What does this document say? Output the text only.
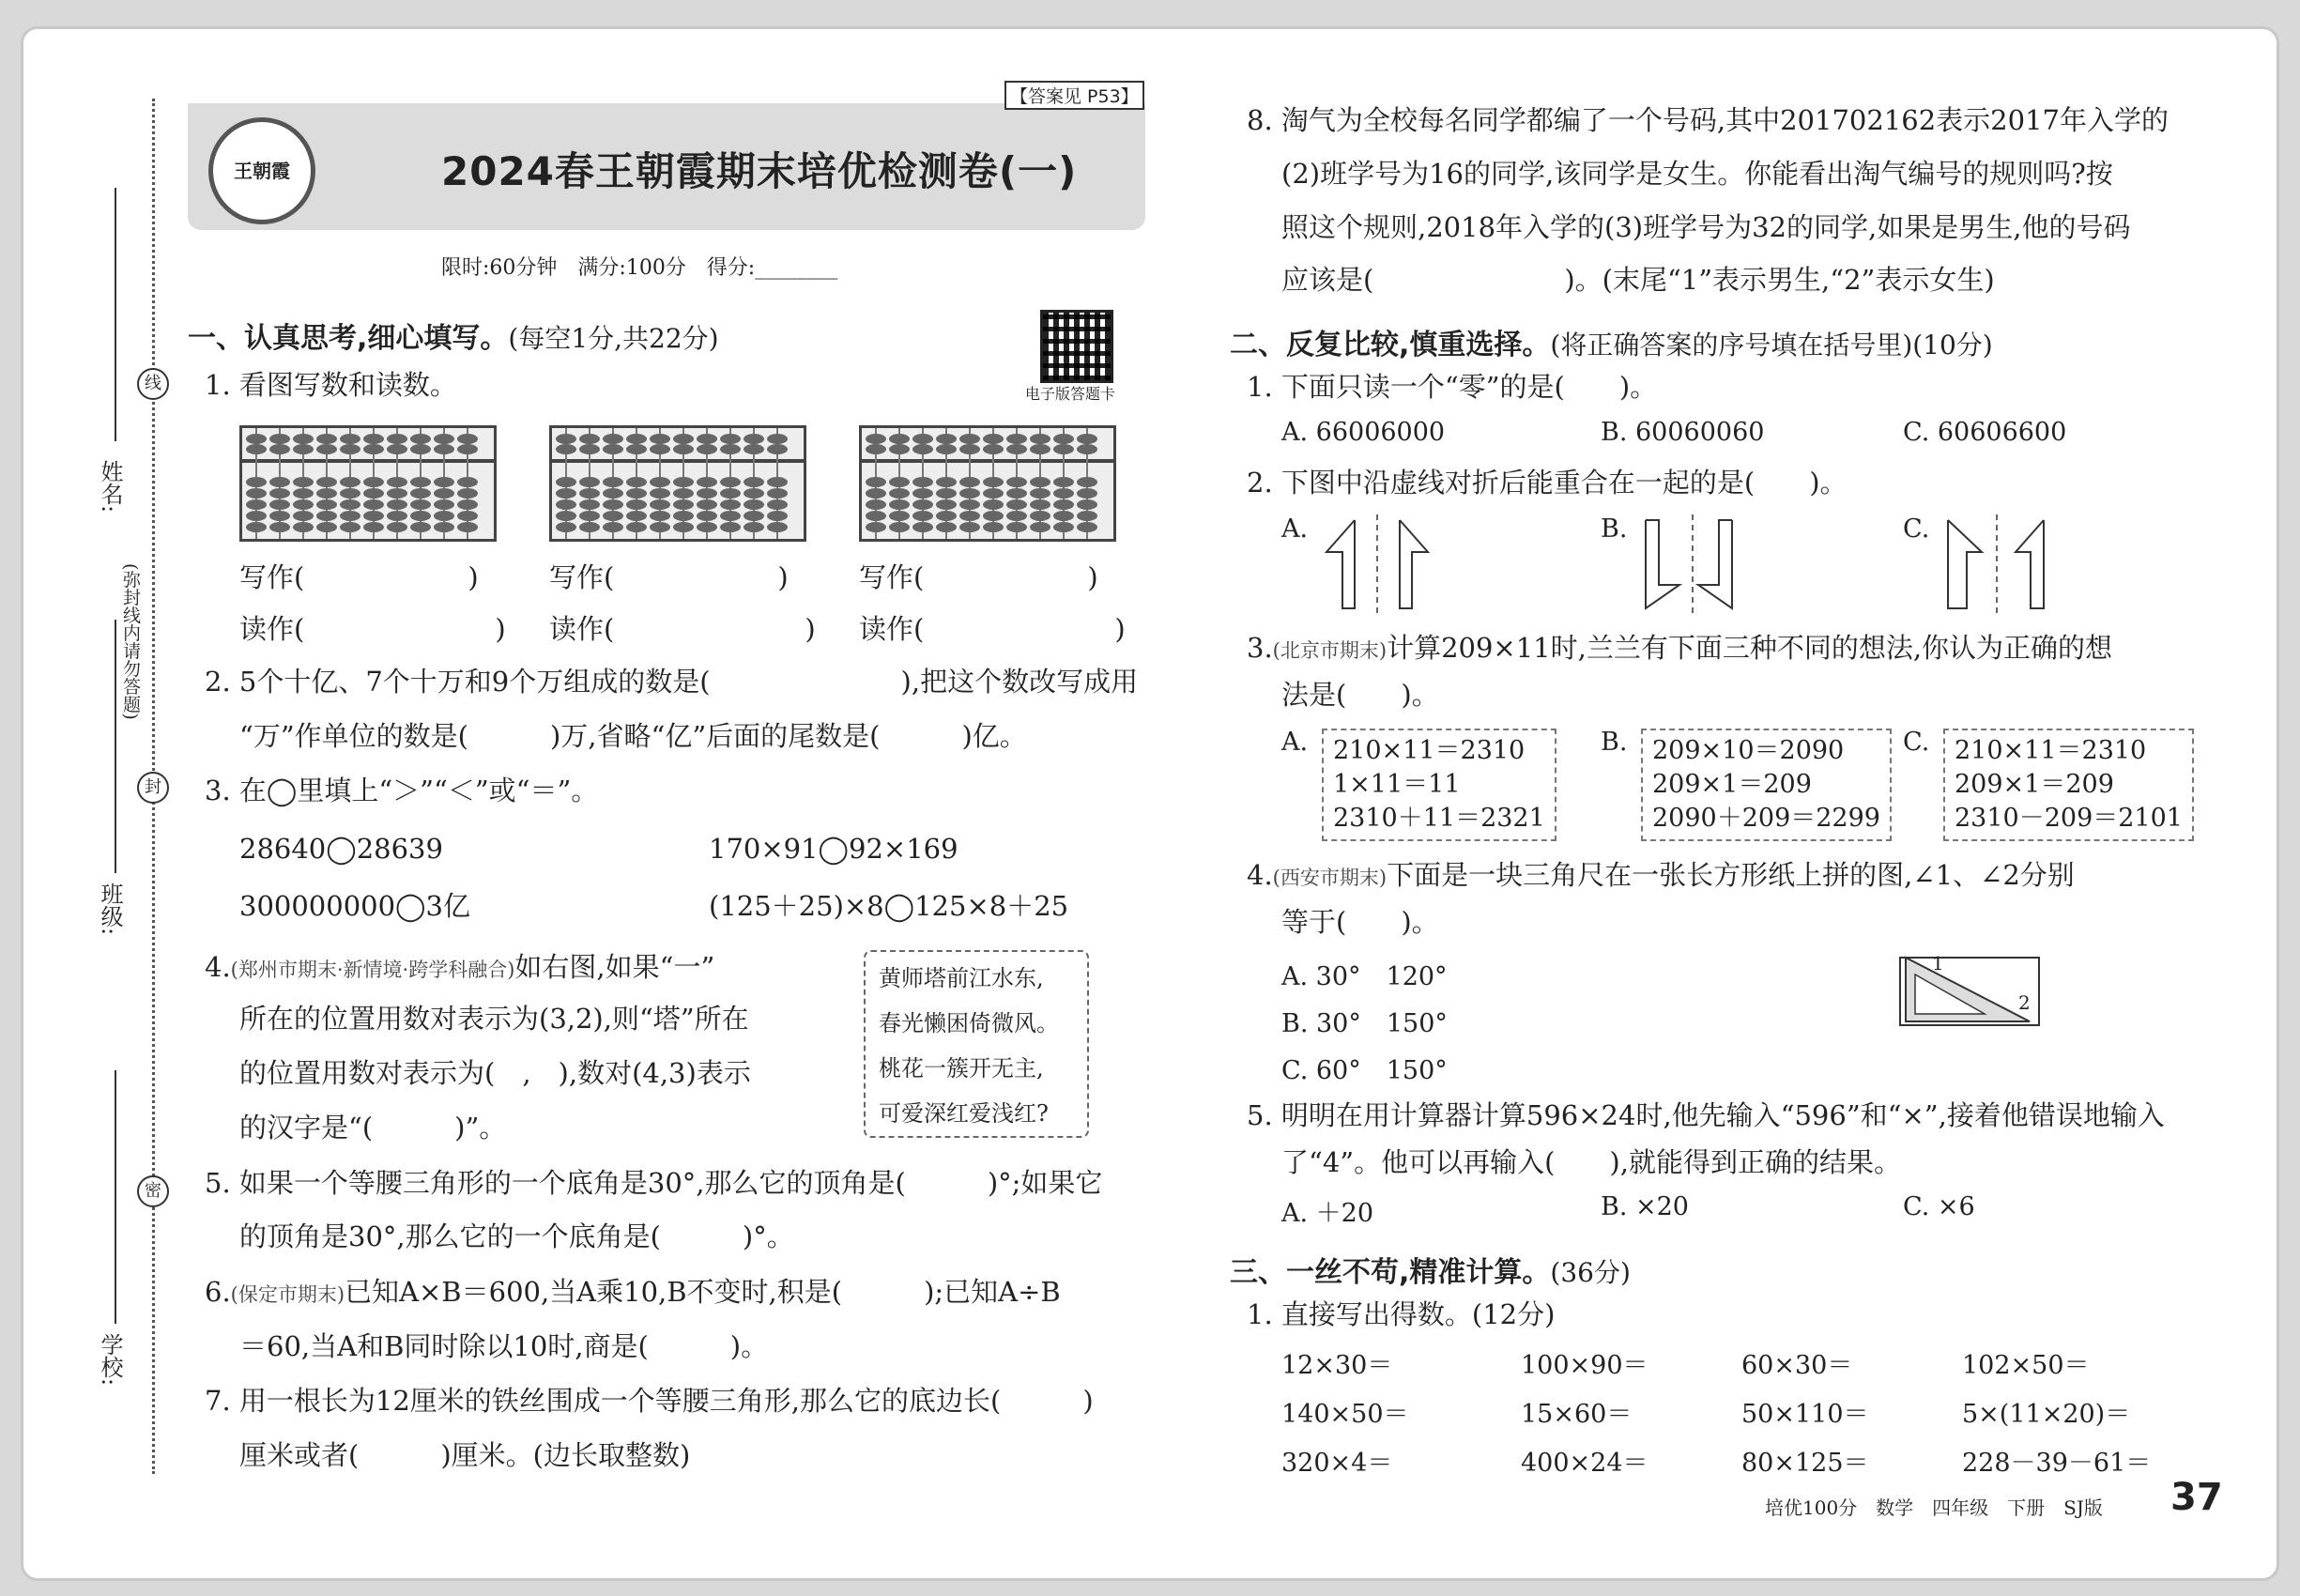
姓名:
(弥封线内请勿答题)
班级:
学校:
线
封
密
王朝霞
【答案见 P53】
2024春王朝霞期末培优检测卷(一)
限时:60分钟　满分:100分　得分:________
电子版答题卡
一、认真思考,细心填写。(每空1分,共22分)
1. 看图写数和读数。
写作(　　　　　　)
读作(　　　　　　　)
写作(　　　　　　)
读作(　　　　　　　)
写作(　　　　　　)
读作(　　　　　　　)
2. 5个十亿、7个十万和9个万组成的数是(　　　　　　　),把这个数改写成用
“万”作单位的数是(　　　)万,省略“亿”后面的尾数是(　　　)亿。
3. 在◯里填上“＞”“＜”或“＝”。
28640◯28639	170×91◯92×169
300000000◯3亿	(125＋25)×8◯125×8＋25
4.(郑州市期末·新情境·跨学科融合)如右图,如果“一”
所在的位置用数对表示为(3,2),则“塔”所在
的位置用数对表示为(　,　),数对(4,3)表示
的汉字是“(　　　)”。
黄师塔前江水东,
春光懒困倚微风。
桃花一簇开无主,
可爱深红爱浅红?
5. 如果一个等腰三角形的一个底角是30°,那么它的顶角是(　　　)°;如果它
的顶角是30°,那么它的一个底角是(　　　)°。
6.(保定市期末)已知A×B＝600,当A乘10,B不变时,积是(　　　);已知A÷B
＝60,当A和B同时除以10时,商是(　　　)。
7. 用一根长为12厘米的铁丝围成一个等腰三角形,那么它的底边长(　　　)
厘米或者(　　　)厘米。(边长取整数)
8. 淘气为全校每名同学都编了一个号码,其中201702162表示2017年入学的
(2)班学号为16的同学,该同学是女生。你能看出淘气编号的规则吗?按
照这个规则,2018年入学的(3)班学号为32的同学,如果是男生,他的号码
应该是(　　　　　　　)。(末尾“1”表示男生,“2”表示女生)
二、反复比较,慎重选择。(将正确答案的序号填在括号里)(10分)
1. 下面只读一个“零”的是(　　)。
A. 66006000	B. 60060060	C. 60606600
2. 下图中沿虚线对折后能重合在一起的是(　　)。
A.	B.	C.
3.(北京市期末)计算209×11时,兰兰有下面三种不同的想法,你认为正确的想
法是(　　)。
A. 210×11＝2310
1×11＝11
2310＋11＝2321
B. 209×10＝2090
209×1＝209
2090＋209＝2299
C. 210×11＝2310
209×1＝209
2310－209＝2101
4.(西安市期末)下面是一块三角尺在一张长方形纸上拼的图,∠1、∠2分别
等于(　　)。
A. 30°　120°
B. 30°　150°
C. 60°　150°
1
2
5. 明明在用计算器计算596×24时,他先输入“596”和“×”,接着他错误地输入
了“4”。他可以再输入(　　),就能得到正确的结果。
A. ＋20	B. ×20	C. ×6
三、一丝不苟,精准计算。(36分)
1. 直接写出得数。(12分)
12×30＝	100×90＝	60×30＝	102×50＝
140×50＝	15×60＝	50×110＝	5×(11×20)＝
320×4＝	400×24＝	80×125＝	228－39－61＝
培优100分　数学　四年级　下册　SJ版 37
